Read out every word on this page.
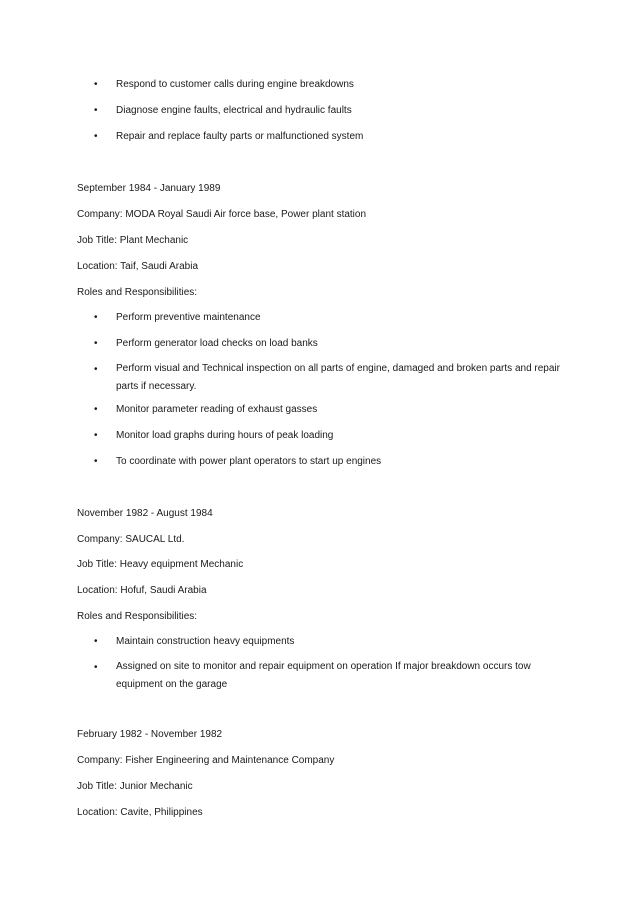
• Respond to customer calls during engine breakdowns
• Diagnose engine faults, electrical and hydraulic faults
• Repair and replace faulty parts or malfunctioned system
September 1984 - January 1989
Company: MODA Royal Saudi Air force base, Power plant station
Job Title: Plant Mechanic
Location: Taif, Saudi Arabia
Roles and Responsibilities:
• Perform preventive maintenance
• Perform generator load checks on load banks
• Perform visual and Technical inspection on all parts of engine, damaged and broken parts and repair parts if necessary.
• Monitor parameter reading of exhaust gasses
• Monitor load graphs during hours of peak loading
• To coordinate with power plant operators to start up engines
November 1982 - August 1984
Company: SAUCAL Ltd.
Job Title: Heavy equipment Mechanic
Location: Hofuf, Saudi Arabia
Roles and Responsibilities:
• Maintain construction heavy equipments
• Assigned on site to monitor and repair equipment on operation If major breakdown occurs tow equipment on the garage
February 1982 - November 1982
Company: Fisher Engineering and Maintenance Company
Job Title: Junior Mechanic
Location: Cavite, Philippines
